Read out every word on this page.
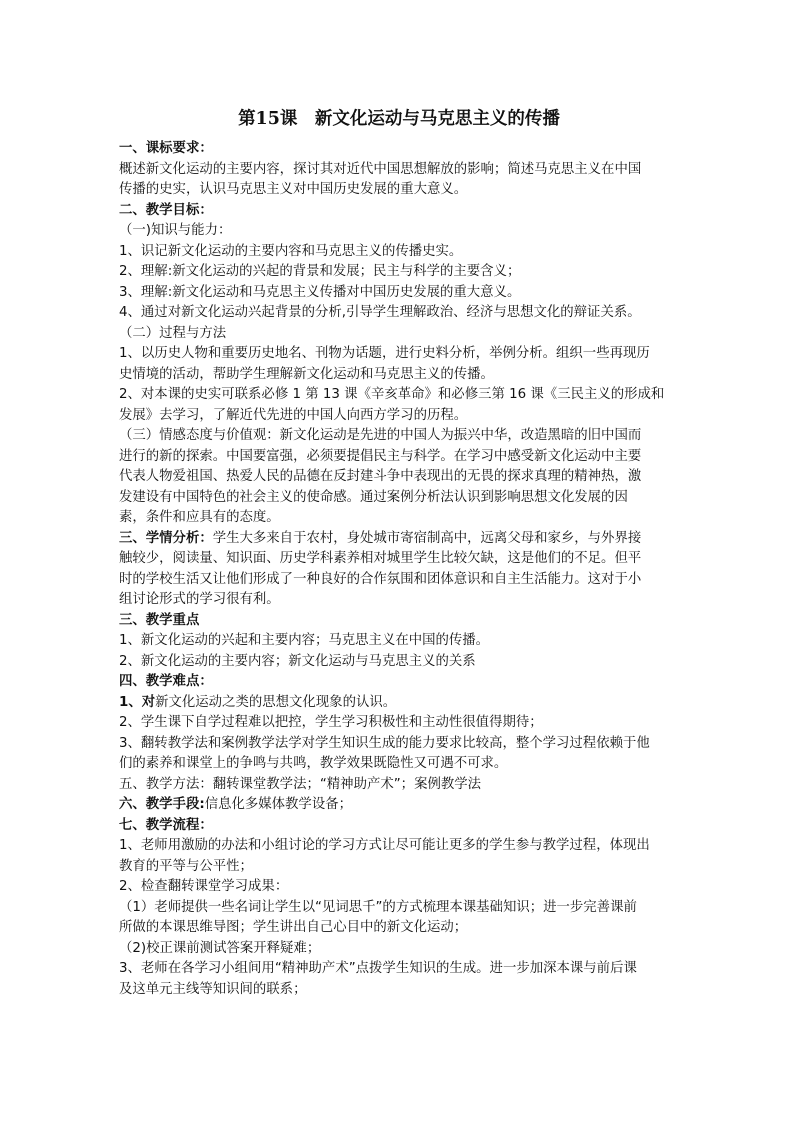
第15课　新文化运动与马克思主义的传播
一、课标要求：
概述新文化运动的主要内容，探讨其对近代中国思想解放的影响；简述马克思主义在中国
传播的史实，认识马克思主义对中国历史发展的重大意义。
二、教学目标：
（一)知识与能力：
1、识记新文化运动的主要内容和马克思主义的传播史实。
2、理解:新文化运动的兴起的背景和发展；民主与科学的主要含义；
3、理解:新文化运动和马克思主义传播对中国历史发展的重大意义。
4、通过对新文化运动兴起背景的分析,引导学生理解政治、经济与思想文化的辩证关系。
（二）过程与方法
1、以历史人物和重要历史地名、刊物为话题，进行史料分析，举例分析。组织一些再现历
史情境的活动，帮助学生理解新文化运动和马克思主义的传播。
2、对本课的史实可联系必修 1 第 13 课《辛亥革命》和必修三第 16 课《三民主义的形成和
发展》去学习，了解近代先进的中国人向西方学习的历程。
（三）情感态度与价值观：新文化运动是先进的中国人为振兴中华，改造黑暗的旧中国而
进行的新的探索。中国要富强，必须要提倡民主与科学。在学习中感受新文化运动中主要
代表人物爱祖国、热爱人民的品德在反封建斗争中表现出的无畏的探求真理的精神热，激
发建设有中国特色的社会主义的使命感。通过案例分析法认识到影响思想文化发展的因
素，条件和应具有的态度。
三、学情分析：学生大多来自于农村，身处城市寄宿制高中，远离父母和家乡，与外界接
触较少，阅读量、知识面、历史学科素养相对城里学生比较欠缺，这是他们的不足。但平
时的学校生活又让他们形成了一种良好的合作氛围和团体意识和自主生活能力。这对于小
组讨论形式的学习很有利。
三、教学重点
1、新文化运动的兴起和主要内容；马克思主义在中国的传播。
2、新文化运动的主要内容；新文化运动与马克思主义的关系
四、教学难点：
1、对新文化运动之类的思想文化现象的认识。
2、学生课下自学过程难以把控，学生学习积极性和主动性很值得期待；
3、翻转教学法和案例教学法学对学生知识生成的能力要求比较高，整个学习过程依赖于他
们的素养和课堂上的争鸣与共鸣，教学效果既隐性又可遇不可求。
五、教学方法：翻转课堂教学法；“精神助产术”；案例教学法
六、教学手段:信息化多媒体教学设备；
七、教学流程：
1、老师用激励的办法和小组讨论的学习方式让尽可能让更多的学生参与教学过程，体现出
教育的平等与公平性；
2、检查翻转课堂学习成果：
（1）老师提供一些名词让学生以“见词思千”的方式梳理本课基础知识；进一步完善课前
所做的本课思维导图；学生讲出自己心目中的新文化运动；
（2)校正课前测试答案开释疑难；
3、老师在各学习小组间用“精神助产术”点拨学生知识的生成。进一步加深本课与前后课
及这单元主线等知识间的联系；
